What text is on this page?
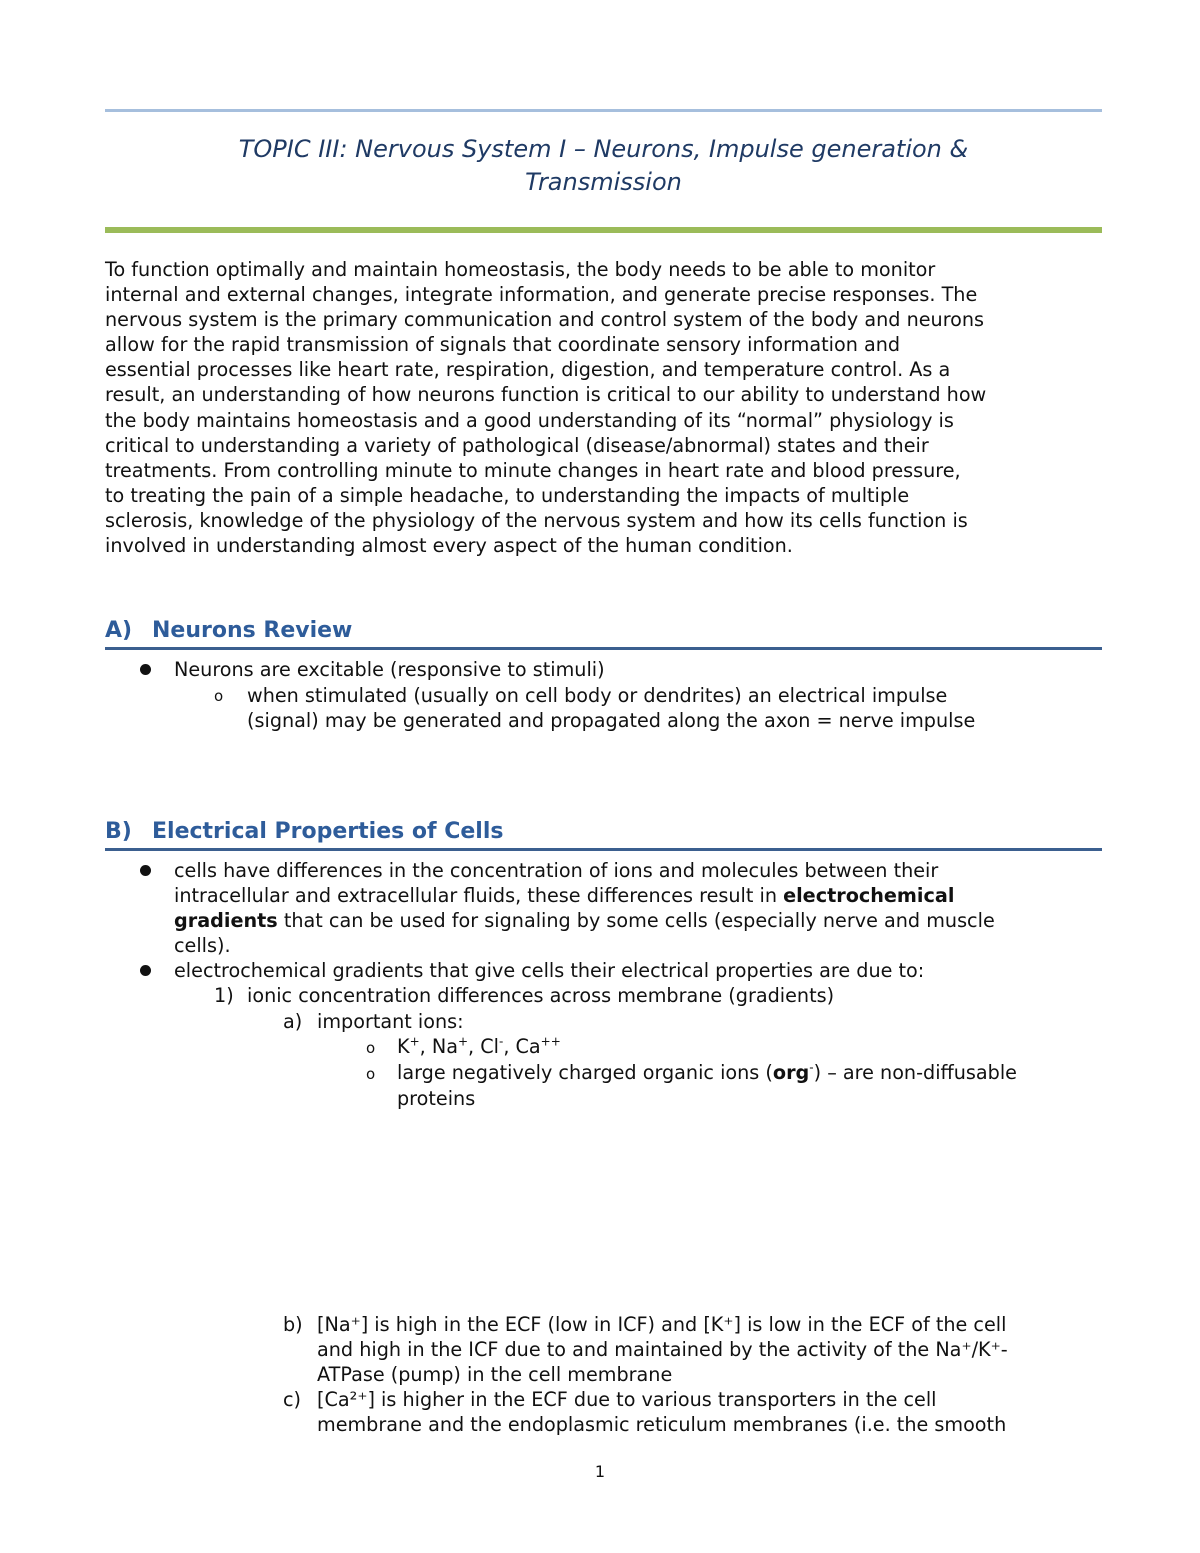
TOPIC III: Nervous System I – Neurons, Impulse generation &
Transmission
To function optimally and maintain homeostasis, the body needs to be able to monitor
internal and external changes, integrate information, and generate precise responses. The
nervous system is the primary communication and control system of the body and neurons
allow for the rapid transmission of signals that coordinate sensory information and
essential processes like heart rate, respiration, digestion, and temperature control. As a
result, an understanding of how neurons function is critical to our ability to understand how
the body maintains homeostasis and a good understanding of its “normal” physiology is
critical to understanding a variety of pathological (disease/abnormal) states and their
treatments. From controlling minute to minute changes in heart rate and blood pressure,
to treating the pain of a simple headache, to understanding the impacts of multiple
sclerosis, knowledge of the physiology of the nervous system and how its cells function is
involved in understanding almost every aspect of the human condition.
A) Neurons Review
Neurons are excitable (responsive to stimuli)
o when stimulated (usually on cell body or dendrites) an electrical impulse
(signal) may be generated and propagated along the axon = nerve impulse
B) Electrical Properties of Cells
cells have differences in the concentration of ions and molecules between their
intracellular and extracellular fluids, these differences result in electrochemical
gradients that can be used for signaling by some cells (especially nerve and muscle
cells).
electrochemical gradients that give cells their electrical properties are due to:
1) ionic concentration differences across membrane (gradients)
a) important ions:
o K+, Na+, Cl-, Ca++
o large negatively charged organic ions (org-) – are non-diffusable
proteins
b) [Na⁺] is high in the ECF (low in ICF) and [K⁺] is low in the ECF of the cell
and high in the ICF due to and maintained by the activity of the Na⁺/K⁺-
ATPase (pump) in the cell membrane
c) [Ca²⁺] is higher in the ECF due to various transporters in the cell
membrane and the endoplasmic reticulum membranes (i.e. the smooth
1
